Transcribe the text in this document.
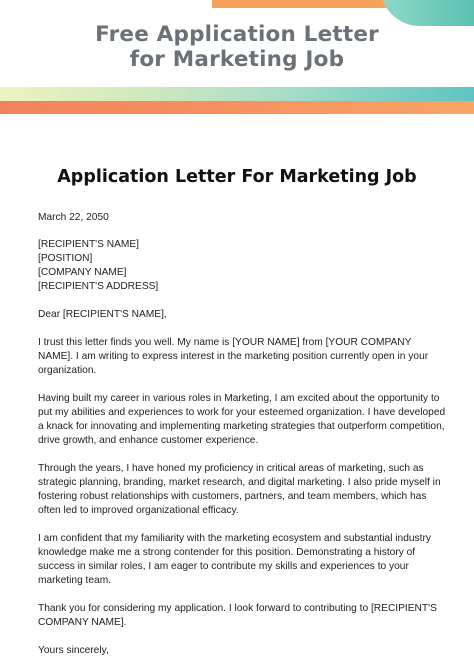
Free Application Letter
for Marketing Job
Application Letter For Marketing Job

March 22, 2050

[RECIPIENT'S NAME]
[POSITION]
[COMPANY NAME]
[RECIPIENT'S ADDRESS]

Dear [RECIPIENT'S NAME],

I trust this letter finds you well. My name is [YOUR NAME] from [YOUR COMPANY NAME]. I am writing to express interest in the marketing position currently open in your organization.

Having built my career in various roles in Marketing, I am excited about the opportunity to put my abilities and experiences to work for your esteemed organization. I have developed a knack for innovating and implementing marketing strategies that outperform competition, drive growth, and enhance customer experience.

Through the years, I have honed my proficiency in critical areas of marketing, such as strategic planning, branding, market research, and digital marketing. I also pride myself in fostering robust relationships with customers, partners, and team members, which has often led to improved organizational efficacy.

I am confident that my familiarity with the marketing ecosystem and substantial industry knowledge make me a strong contender for this position. Demonstrating a history of success in similar roles, I am eager to contribute my skills and experiences to your marketing team.

Thank you for considering my application. I look forward to contributing to [RECIPIENT'S COMPANY NAME].

Yours sincerely,
